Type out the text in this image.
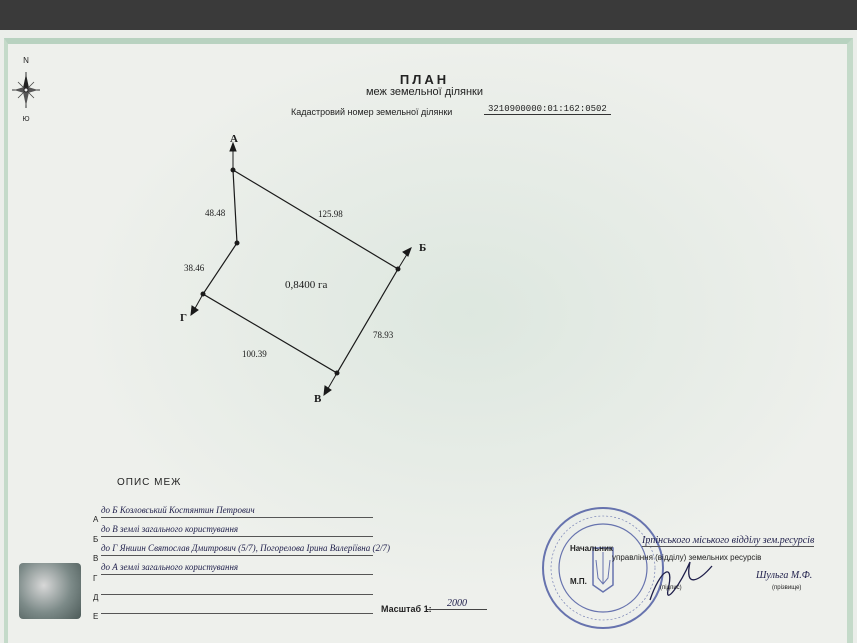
ПЛАН
меж земельної ділянки
Кадастровий номер земельної ділянки	3210900000:01:162:0502
N
Ю
А
Б
В
Г
125.98
78.93
100.39
38.46
48.48
0,8400 га
ОПИС МЕЖ
А
до Б Козловський Костянтин Петрович
Б
до В землі загального користування
В
до Г Яншин Святослав Дмитрович (5/7), Погорелова Ірина Валеріївна (2/7)
Г
до А землі загального користування
Д
Е
Масштаб 1:	2000
Начальник
Ірпінського міського відділу зем.ресурсів
управління (відділу) земельних ресурсів
М.П.
(підпис)
Шульга М.Ф.
(прізвище)
